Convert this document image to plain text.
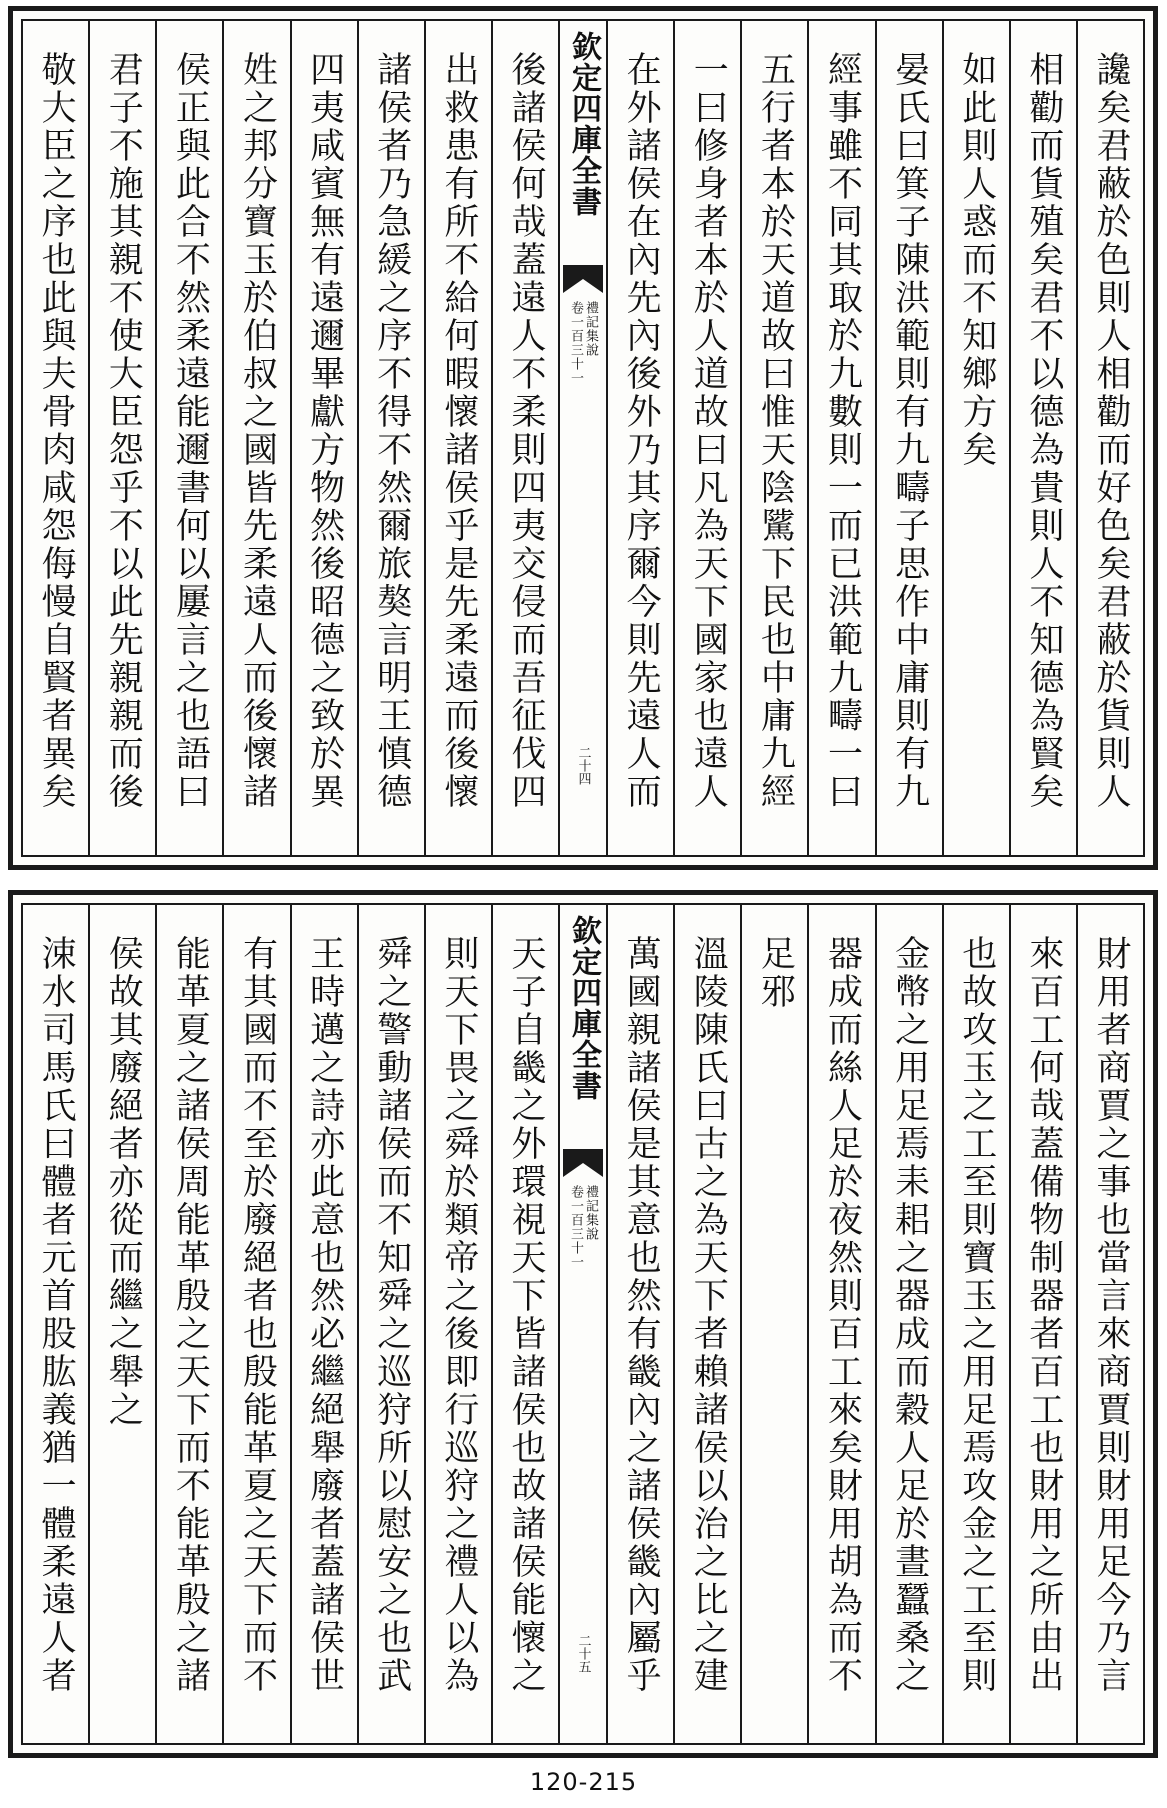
讒矣君蔽於色則人相勸而好色矣君蔽於貨則人
相勸而貨殖矣君不以德為貴則人不知德為賢矣
如此則人惑而不知鄉方矣
晏氏曰箕子陳洪範則有九疇子思作中庸則有九
經事雖不同其取於九數則一而已洪範九疇一曰
五行者本於天道故曰惟天陰騭下民也中庸九經
一曰修身者本於人道故曰凡為天下國家也遠人
在外諸侯在內先內後外乃其序爾今則先遠人而
欽定四庫全書
禮記集說
卷一百三十一
二十四
後諸侯何哉蓋遠人不柔則四夷交侵而吾征伐四
出救患有所不給何暇懷諸侯乎是先柔遠而後懷
諸侯者乃急緩之序不得不然爾旅獒言明王慎德
四夷咸賓無有遠邇畢獻方物然後昭德之致於異
姓之邦分寶玉於伯叔之國皆先柔遠人而後懷諸
侯正與此合不然柔遠能邇書何以屢言之也語曰
君子不施其親不使大臣怨乎不以此先親親而後
敬大臣之序也此與夫骨肉咸怨侮慢自賢者異矣
財用者商賈之事也當言來商賈則財用足今乃言
來百工何哉蓋備物制器者百工也財用之所由出
也故攻玉之工至則寶玉之用足焉攻金之工至則
金幣之用足焉耒耜之器成而穀人足於晝蠶桑之
器成而絲人足於夜然則百工來矣財用胡為而不
足邪
溫陵陳氏曰古之為天下者賴諸侯以治之比之建
萬國親諸侯是其意也然有畿內之諸侯畿內屬乎
欽定四庫全書
禮記集說
卷一百三十一
二十五
天子自畿之外環視天下皆諸侯也故諸侯能懷之
則天下畏之舜於類帝之後即行巡狩之禮人以為
舜之警動諸侯而不知舜之巡狩所以慰安之也武
王時邁之詩亦此意也然必繼絕舉廢者蓋諸侯世
有其國而不至於廢絕者也殷能革夏之天下而不
能革夏之諸侯周能革殷之天下而不能革殷之諸
侯故其廢絕者亦從而繼之舉之
涑水司馬氏曰體者元首股肱義猶一體柔遠人者
120-215
